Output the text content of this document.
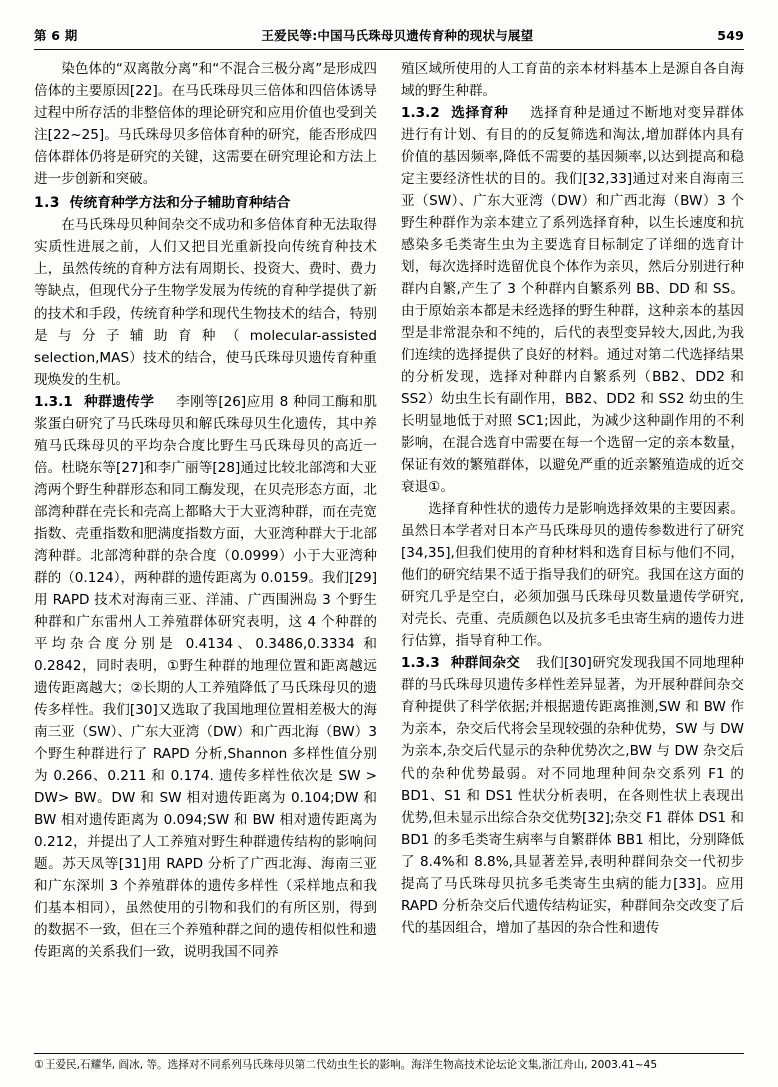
第 6 期	王爱民等:中国马氏珠母贝遗传育种的现状与展望	549

染色体的“双离散分离”和“不混合三极分离”是形成四倍体的主要原因[22]。在马氏珠母贝三倍体和四倍体诱导过程中所存活的非整倍体的理论研究和应用价值也受到关注[22~25]。马氏珠母贝多倍体育种的研究，能否形成四倍体群体仍将是研究的关键，这需要在研究理论和方法上进一步创新和突破。

1.3 传统育种学方法和分子辅助育种结合

在马氏珠母贝种间杂交不成功和多倍体育种无法取得实质性进展之前，人们又把目光重新投向传统育种技术上，虽然传统的育种方法有周期长、投资大、费时、费力等缺点，但现代分子生物学发展为传统的育种学提供了新的技术和手段，传统育种学和现代生物技术的结合，特别是与分子辅助育种（molecular-assisted selection,MAS）技术的结合，使马氏珠母贝遗传育种重现焕发的生机。

1.3.1 种群遗传学 李刚等[26]应用 8 种同工酶和肌浆蛋白研究了马氏珠母贝和解氏珠母贝生化遗传，其中养殖马氏珠母贝的平均杂合度比野生马氏珠母贝的高近一倍。杜晓东等[27]和李广丽等[28]通过比较北部湾和大亚湾两个野生种群形态和同工酶发现，在贝壳形态方面，北部湾种群在壳长和壳高上都略大于大亚湾种群，而在壳宽指数、壳重指数和肥满度指数方面，大亚湾种群大于北部湾种群。北部湾种群的杂合度（0.0999）小于大亚湾种群的（0.124），两种群的遗传距离为 0.0159。我们[29]用 RAPD 技术对海南三亚、洋浦、广西围洲岛 3 个野生种群和广东雷州人工养殖群体研究表明，这 4 个种群的平均杂合度分别是 0.4134、0.3486,0.3334 和 0.2842，同时表明，①野生种群的地理位置和距离越远遗传距离越大；②长期的人工养殖降低了马氏珠母贝的遗传多样性。我们[30]又选取了我国地理位置相差极大的海南三亚（SW）、广东大亚湾（DW）和广西北海（BW）3 个野生种群进行了 RAPD 分析,Shannon 多样性值分别为 0.266、0.211 和 0.174. 遗传多样性依次是 SW > DW> BW。DW 和 SW 相对遗传距离为 0.104;DW 和 BW 相对遗传距离为 0.094;SW 和 BW 相对遗传距离为 0.212，并提出了人工养殖对野生种群遗传结构的影响问题。苏天凤等[31]用 RAPD 分析了广西北海、海南三亚和广东深圳 3 个养殖群体的遗传多样性（采样地点和我们基本相同），虽然使用的引物和我们的有所区别，得到的数据不一致，但在三个养殖种群之间的遗传相似性和遗传距离的关系我们一致，说明我国不同养

殖区域所使用的人工育苗的亲本材料基本上是源自各自海域的野生种群。

1.3.2 选择育种 选择育种是通过不断地对变异群体进行有计划、有目的的反复筛选和淘汰,增加群体内具有价值的基因频率,降低不需要的基因频率,以达到提高和稳定主要经济性状的目的。我们[32,33]通过对来自海南三亚（SW）、广东大亚湾（DW）和广西北海（BW）3 个野生种群作为亲本建立了系列选择育种，以生长速度和抗感染多毛类寄生虫为主要选育目标制定了详细的选育计划，每次选择时选留优良个体作为亲贝，然后分别进行种群内自繁,产生了 3 个种群内自繁系列 BB、DD 和 SS。由于原始亲本都是未经选择的野生种群，这种亲本的基因型是非常混杂和不纯的，后代的表型变异较大,因此,为我们连续的选择提供了良好的材料。通过对第二代选择结果的分析发现，选择对种群内自繁系列（BB2、DD2 和 SS2）幼虫生长有副作用，BB2、DD2 和 SS2 幼虫的生长明显地低于对照 SC1;因此，为减少这种副作用的不利影响，在混合选育中需要在每一个选留一定的亲本数量，保证有效的繁殖群体，以避免严重的近亲繁殖造成的近交衰退①。

选择育种性状的遗传力是影响选择效果的主要因素。虽然日本学者对日本产马氏珠母贝的遗传参数进行了研究[34,35],但我们使用的育种材料和选育目标与他们不同，他们的研究结果不适于指导我们的研究。我国在这方面的研究几乎是空白，必须加强马氏珠母贝数量遗传学研究,对壳长、壳重、壳质颜色以及抗多毛虫寄生病的遗传力进行估算，指导育种工作。

1.3.3 种群间杂交 我们[30]研究发现我国不同地理种群的马氏珠母贝遗传多样性差异显著，为开展种群间杂交育种提供了科学依据;并根据遗传距离推测,SW 和 BW 作为亲本，杂交后代将会呈现较强的杂种优势，SW 与 DW 为亲本,杂交后代显示的杂种优势次之,BW 与 DW 杂交后代的杂种优势最弱。对不同地理种间杂交系列 F1 的 BD1、S1 和 DS1 性状分析表明，在各则性状上表现出优势,但未显示出综合杂交优势[32];杂交 F1 群体 DS1 和 BD1 的多毛类寄生病率与自繁群体 BB1 相比，分别降低了 8.4%和 8.8%,具显著差异,表明种群间杂交一代初步提高了马氏珠母贝抗多毛类寄生虫病的能力[33]。应用 RAPD 分析杂交后代遗传结构证实，种群间杂交改变了后代的基因组合，增加了基因的杂合性和遗传

①王爱民,石耀华, 阎冰, 等。选择对不同系列马氏珠母贝第二代幼虫生长的影响。海洋生物高技术论坛论文集,浙江舟山, 2003.41~45
